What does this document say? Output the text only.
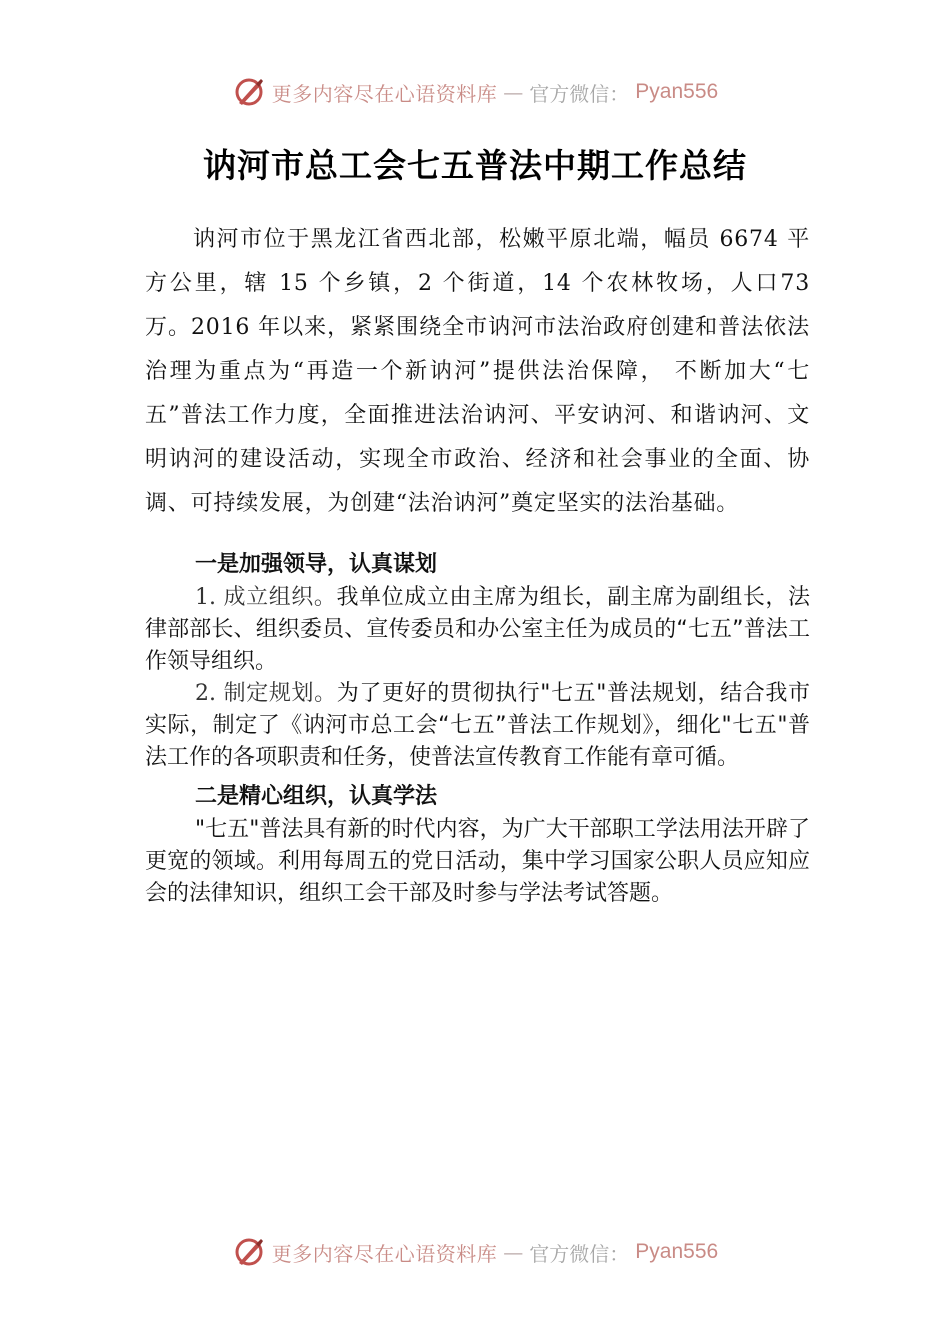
更多内容尽在心语资料库 — 官方微信： Pyan556
讷河市总工会七五普法中期工作总结

讷河市位于黑龙江省西北部，松嫩平原北端，幅员 6674 平方公里，辖 15 个乡镇，2 个街道，14 个农林牧场，人口73 万。2016 年以来，紧紧围绕全市讷河市法治政府创建和普法依法治理为重点为“再造一个新讷河”提供法治保障， 不断加大“七五”普法工作力度，全面推进法治讷河、平安讷河、和谐讷河、文明讷河的建设活动，实现全市政治、经济和社会事业的全面、协调、可持续发展，为创建“法治讷河”奠定坚实的法治基础。

一是加强领导，认真谋划

1. 成立组织。我单位成立由主席为组长，副主席为副组长，法律部部长、组织委员、宣传委员和办公室主任为成员的“七五”普法工作领导组织。

2. 制定规划。为了更好的贯彻执行"七五"普法规划，结合我市实际，制定了《讷河市总工会“七五”普法工作规划》，细化"七五"普法工作的各项职责和任务，使普法宣传教育工作能有章可循。

二是精心组织，认真学法

"七五"普法具有新的时代内容，为广大干部职工学法用法开辟了更宽的领域。利用每周五的党日活动，集中学习国家公职人员应知应会的法律知识，组织工会干部及时参与学法考试答题。

更多内容尽在心语资料库 — 官方微信： Pyan556
